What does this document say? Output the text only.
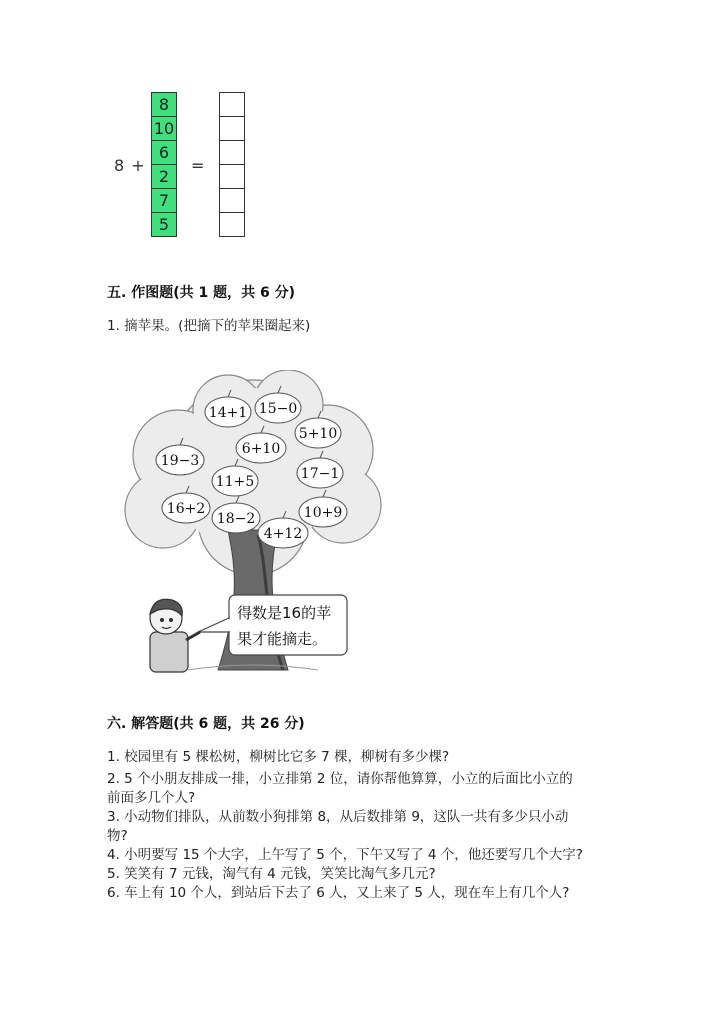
8 +
8
10
6
2
7
5
=
五. 作图题(共 1 题，共 6 分)
1. 摘苹果。(把摘下的苹果圈起来)
14+1 15−0
5+10
6+10
19−3
17−1
11+5
16+2
18−2	10+9
4+12
得数是16的苹
果才能摘走。
六. 解答题(共 6 题，共 26 分)
1. 校园里有 5 棵松树，柳树比它多 7 棵，柳树有多少棵?
2. 5 个小朋友排成一排，小立排第 2 位，请你帮他算算，小立的后面比小立的
前面多几个人?
3. 小动物们排队，从前数小狗排第 8，从后数排第 9，这队一共有多少只小动
物?
4. 小明要写 15 个大字，上午写了 5 个，下午又写了 4 个，他还要写几个大字?
5. 笑笑有 7 元钱，淘气有 4 元钱，笑笑比淘气多几元?
6. 车上有 10 个人，到站后下去了 6 人，又上来了 5 人，现在车上有几个人?
